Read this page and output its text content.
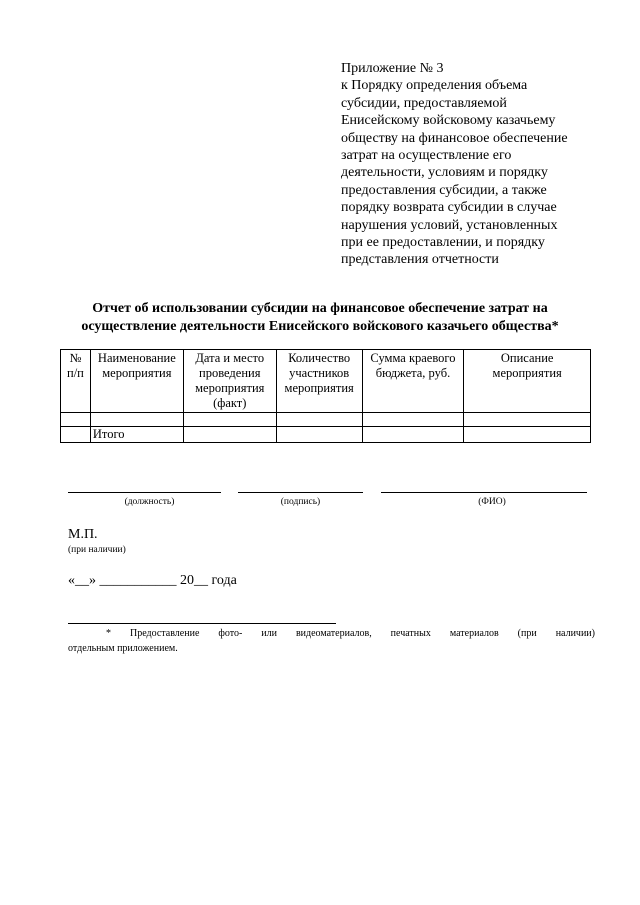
Приложение № 3
к Порядку определения объема
субсидии, предоставляемой
Енисейскому войсковому казачьему
обществу на финансовое обеспечение
затрат на осуществление его
деятельности, условиям и порядку
предоставления субсидии, а также
порядку возврата субсидии в случае
нарушения условий, установленных
при ее предоставлении, и порядку
представления отчетности
Отчет об использовании субсидии на финансовое обеспечение затрат на
осуществление деятельности Енисейского войскового казачьего общества*
№ п/п	Наименование мероприятия	Дата и место проведения мероприятия (факт)	Количество участников мероприятия	Сумма краевого бюджета, руб.	Описание мероприятия

	Итого				
(должность)	(подпись)	(ФИО)
М.П.
(при наличии)
«__» ___________ 20__ года
* Предоставление фото- или видеоматериалов, печатных материалов (при наличии)
отдельным приложением.
